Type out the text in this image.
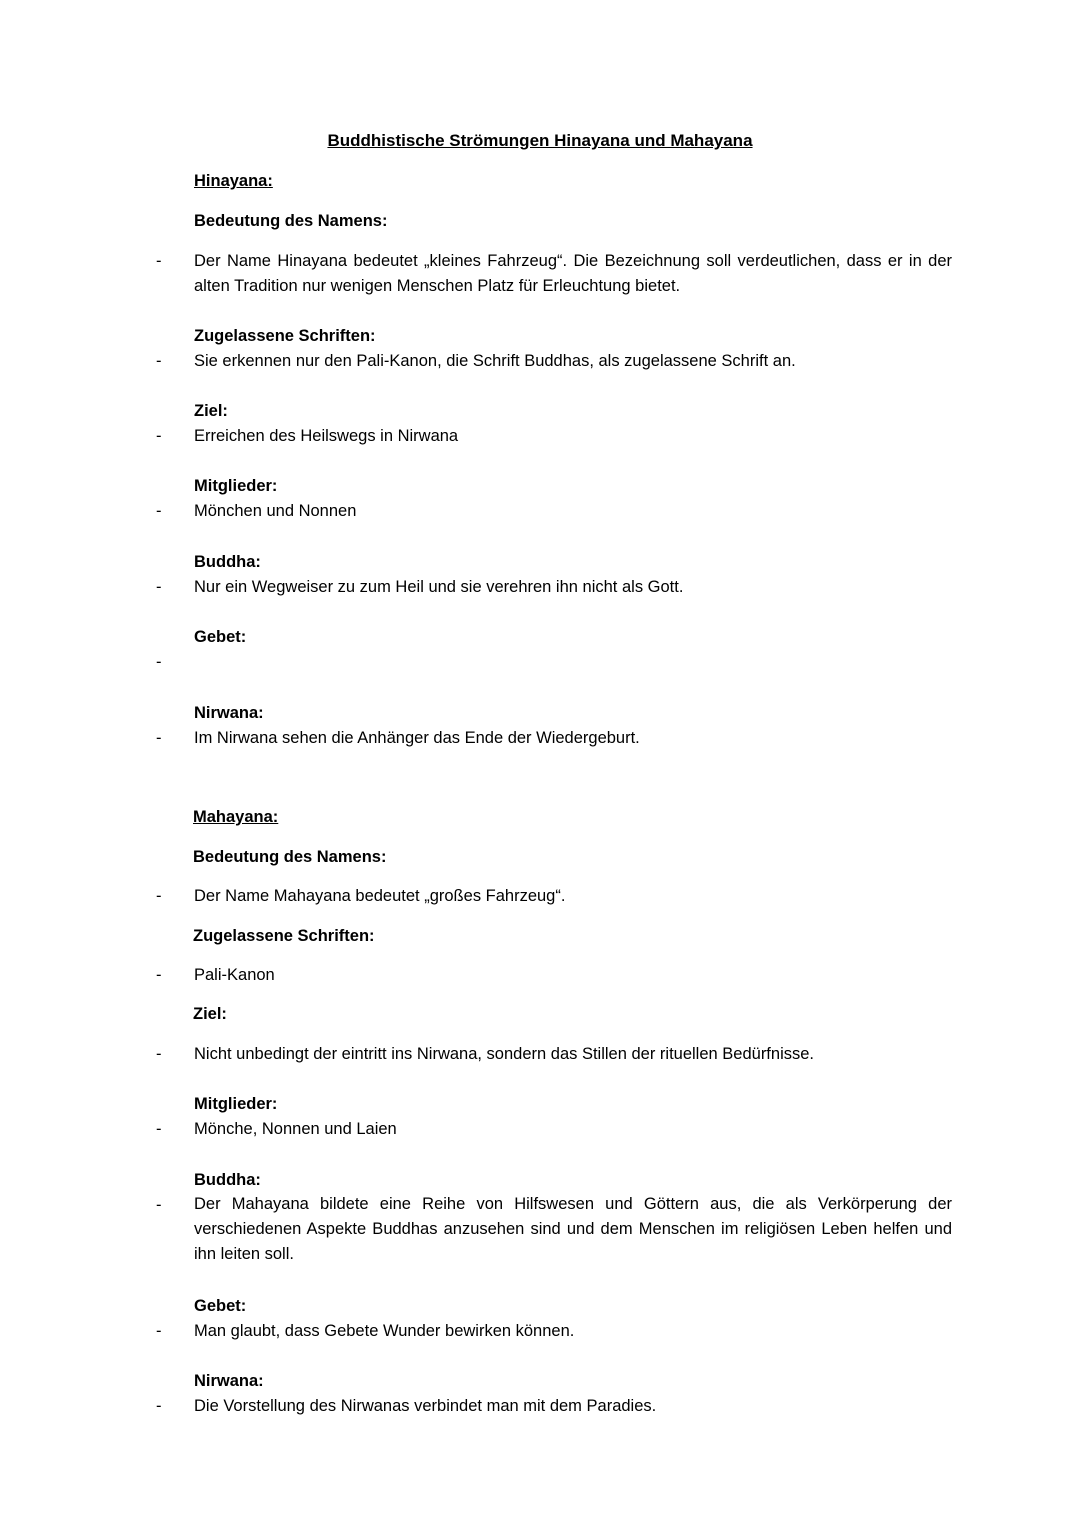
Buddhistische Strömungen Hinayana und Mahayana
Hinayana:
Bedeutung des Namens:
- Der Name Hinayana bedeutet „kleines Fahrzeug“. Die Bezeichnung soll verdeutlichen, dass er in der alten Tradition nur wenigen Menschen Platz für Erleuchtung bietet.
Zugelassene Schriften:
- Sie erkennen nur den Pali-Kanon, die Schrift Buddhas, als zugelassene Schrift an.
Ziel:
- Erreichen des Heilswegs in Nirwana
Mitglieder:
- Mönchen und Nonnen
Buddha:
- Nur ein Wegweiser zu zum Heil und sie verehren ihn nicht als Gott.
Gebet:
-
Nirwana:
- Im Nirwana sehen die Anhänger das Ende der Wiedergeburt.
Mahayana:
Bedeutung des Namens:
- Der Name Mahayana bedeutet „großes Fahrzeug“.
Zugelassene Schriften:
- Pali-Kanon
Ziel:
- Nicht unbedingt der eintritt ins Nirwana, sondern das Stillen der rituellen Bedürfnisse.
Mitglieder:
- Mönche, Nonnen und Laien
Buddha:
- Der Mahayana bildete eine Reihe von Hilfswesen und Göttern aus, die als Verkörperung der verschiedenen Aspekte Buddhas anzusehen sind und dem Menschen im religiösen Leben helfen und ihn leiten soll.
Gebet:
- Man glaubt, dass Gebete Wunder bewirken können.
Nirwana:
- Die Vorstellung des Nirwanas verbindet man mit dem Paradies.
